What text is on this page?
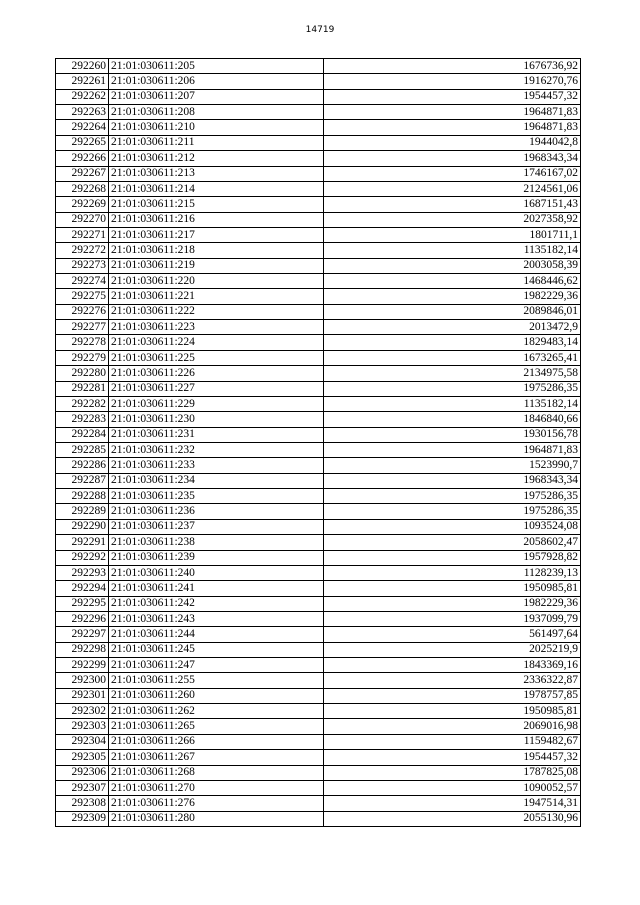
14719
292260	21:01:030611:205	1676736,92
292261	21:01:030611:206	1916270,76
292262	21:01:030611:207	1954457,32
292263	21:01:030611:208	1964871,83
292264	21:01:030611:210	1964871,83
292265	21:01:030611:211	1944042,8
292266	21:01:030611:212	1968343,34
292267	21:01:030611:213	1746167,02
292268	21:01:030611:214	2124561,06
292269	21:01:030611:215	1687151,43
292270	21:01:030611:216	2027358,92
292271	21:01:030611:217	1801711,1
292272	21:01:030611:218	1135182,14
292273	21:01:030611:219	2003058,39
292274	21:01:030611:220	1468446,62
292275	21:01:030611:221	1982229,36
292276	21:01:030611:222	2089846,01
292277	21:01:030611:223	2013472,9
292278	21:01:030611:224	1829483,14
292279	21:01:030611:225	1673265,41
292280	21:01:030611:226	2134975,58
292281	21:01:030611:227	1975286,35
292282	21:01:030611:229	1135182,14
292283	21:01:030611:230	1846840,66
292284	21:01:030611:231	1930156,78
292285	21:01:030611:232	1964871,83
292286	21:01:030611:233	1523990,7
292287	21:01:030611:234	1968343,34
292288	21:01:030611:235	1975286,35
292289	21:01:030611:236	1975286,35
292290	21:01:030611:237	1093524,08
292291	21:01:030611:238	2058602,47
292292	21:01:030611:239	1957928,82
292293	21:01:030611:240	1128239,13
292294	21:01:030611:241	1950985,81
292295	21:01:030611:242	1982229,36
292296	21:01:030611:243	1937099,79
292297	21:01:030611:244	561497,64
292298	21:01:030611:245	2025219,9
292299	21:01:030611:247	1843369,16
292300	21:01:030611:255	2336322,87
292301	21:01:030611:260	1978757,85
292302	21:01:030611:262	1950985,81
292303	21:01:030611:265	2069016,98
292304	21:01:030611:266	1159482,67
292305	21:01:030611:267	1954457,32
292306	21:01:030611:268	1787825,08
292307	21:01:030611:270	1090052,57
292308	21:01:030611:276	1947514,31
292309	21:01:030611:280	2055130,96
